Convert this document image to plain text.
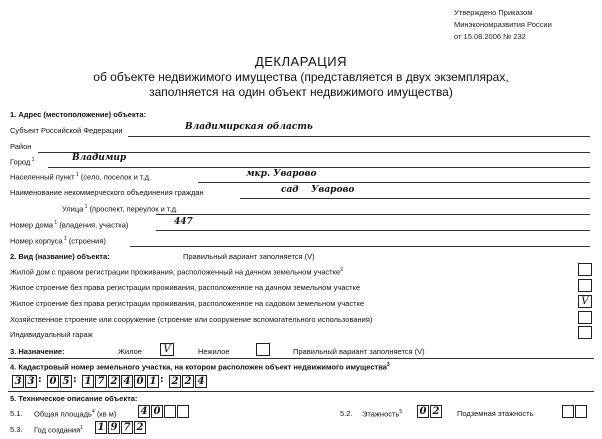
Утверждено Приказом
Минэкономразвития России
от 15.08.2006 № 232
ДЕКЛАРАЦИЯ
об объекте недвижимого имущества (представляется в двух экземплярах,
заполняется на один объект недвижимого имущества)
1. Адрес (местоположение) объекта:
Субъект Российской Федерации	Владимирская область
Район
Город $^1$	Владимир
Населенный пункт $^1$ (село, поселок и т.д.	мкр. Уварово
Наименование некоммерческого объединения граждан	сад    Уварово
Улица $^1$ (проспект, переулок и т.д.
Номер дома $^1$ (владения, участка)	447
Номер корпуса $^1$ (строения)
2. Вид (название) объекта:	Правильный вариант заполняется (V)
Жилой дом с правом регистрации проживания, расположенный на дачном земельном участке$^2$
Жилое строение без права регистрации проживания, расположенное на дачном земельном участке
Жилое строение без права регистрации проживания, расположенное на садовом земельном участке	V
Хозяйственное строение или сооружение (строение или сооружение вспомогательного использования)
Индивидуальный гараж
3. Назначение:	Жилое	V	Нежилое	Правильный вариант заполняется (V)
4. Кадастровый номер земельного участка, на котором расположен объект недвижимого имущества$^3$
3 3 : 0 5 : 1 7 2 4 0 1 : 2 2 4
5. Техническое описание объекта:
5.1. Общая площадь$^4$ (кв м) 4 0	5.2. Этажность$^5$ 0 2	Подземная этажность
5.3. Год создания$^1$ 1 9 7 2
